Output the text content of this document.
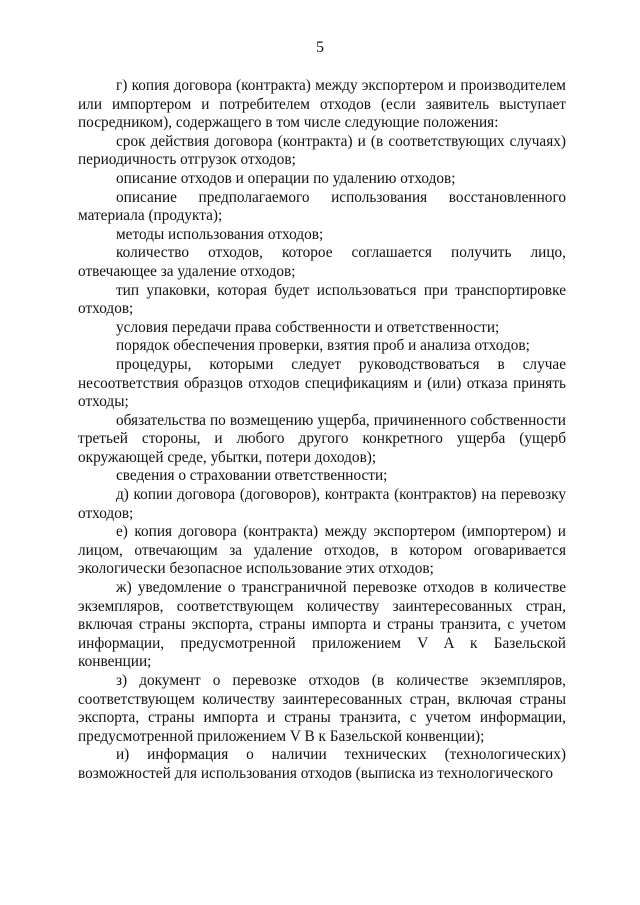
5

г) копия договора (контракта) между экспортером и производителем или импортером и потребителем отходов (если заявитель выступает посредником), содержащего в том числе следующие положения:

срок действия договора (контракта) и (в соответствующих случаях) периодичность отгрузок отходов;

описание отходов и операции по удалению отходов;

описание предполагаемого использования восстановленного материала (продукта);

методы использования отходов;

количество отходов, которое соглашается получить лицо, отвечающее за удаление отходов;

тип упаковки, которая будет использоваться при транспортировке отходов;

условия передачи права собственности и ответственности;

порядок обеспечения проверки, взятия проб и анализа отходов;

процедуры, которыми следует руководствоваться в случае несоответствия образцов отходов спецификациям и (или) отказа принять отходы;

обязательства по возмещению ущерба, причиненного собственности третьей стороны, и любого другого конкретного ущерба (ущерб окружающей среде, убытки, потери доходов);

сведения о страховании ответственности;

д) копии договора (договоров), контракта (контрактов) на перевозку отходов;

е) копия договора (контракта) между экспортером (импортером) и лицом, отвечающим за удаление отходов, в котором оговаривается экологически безопасное использование этих отходов;

ж) уведомление о трансграничной перевозке отходов в количестве экземпляров, соответствующем количеству заинтересованных стран, включая страны экспорта, страны импорта и страны транзита, с учетом информации, предусмотренной приложением V A к Базельской конвенции;

з) документ о перевозке отходов (в количестве экземпляров, соответствующем количеству заинтересованных стран, включая страны экспорта, страны импорта и страны транзита, с учетом информации, предусмотренной приложением V B к Базельской конвенции);

и) информация о наличии технических (технологических) возможностей для использования отходов (выписка из технологического
